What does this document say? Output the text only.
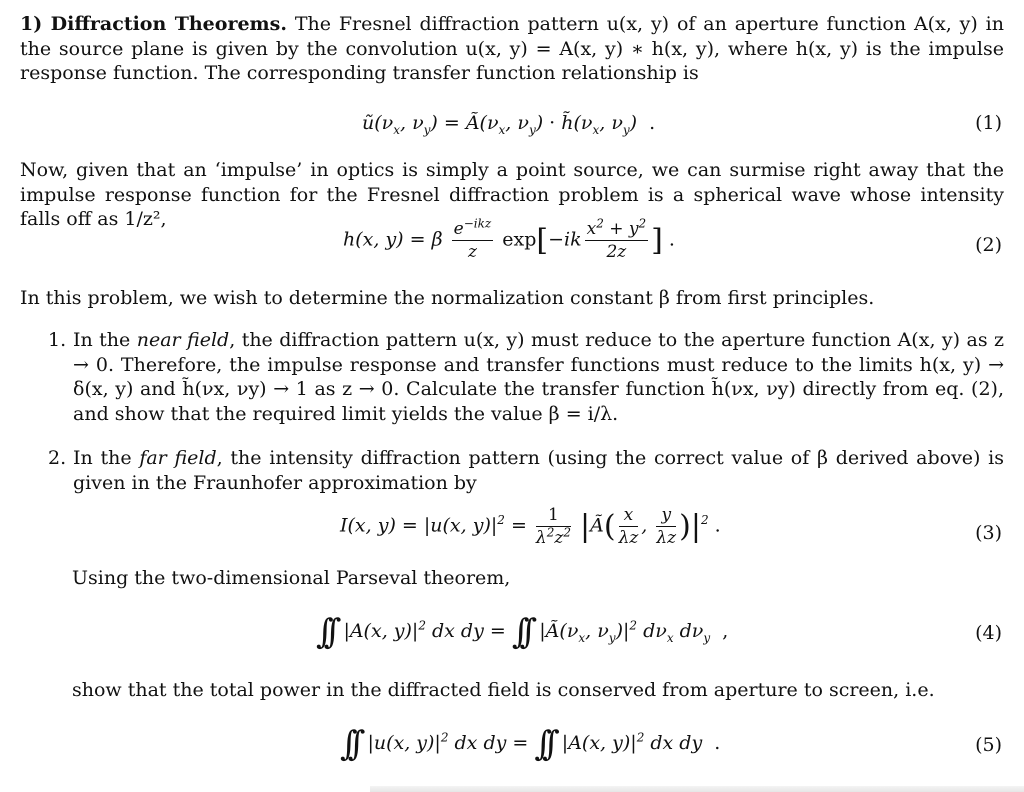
1) Diffraction Theorems. The Fresnel diffraction pattern u(x, y) of an aperture function A(x, y) in the source plane is given by the convolution u(x, y) = A(x, y) ∗ h(x, y), where h(x, y) is the impulse response function. The corresponding transfer function relationship is

$ũ(\nu_x$, $\nu_y$) = $Ã(\nu_x$, $\nu_y$) · $h̃(\nu_x$, $\nu_y$)  .	(1)

Now, given that an ‘impulse’ in optics is simply a point source, we can surmise right away that the impulse response function for the Fresnel diffraction problem is a spherical wave whose intensity falls off as 1/z²,

h(x, y) = β $\frac{e^{-ikz}}{z} \exp[-ik \frac{x^2 + y^2}{2z}$ ] .	(2)

In this problem, we wish to determine the normalization constant β from first principles.

1. In the near field, the diffraction pattern u(x, y) must reduce to the aperture function A(x, y) as z → 0. Therefore, the impulse response and transfer functions must reduce to the limits h(x, y) → δ(x, y) and h̃(νx, νy) → 1 as z → 0. Calculate the transfer function h̃(νx, νy) directly from eq. (2), and show that the required limit yields the value β = i/λ.
2. In the far field, the intensity diffraction pattern (using the correct value of β derived above) is given in the Fraunhofer approximation by
I(x, y) = |u(x, $y)|^2 = \frac{1}{\lambda^2z^2}$ |Ã( $\frac{x}{\lambda z}$ , $\frac{y}{\lambda z} )|^2$ .	(3)

Using the two-dimensional Parseval theorem,

∫∫ |A(x, $y)|^2$ dx dy = ∫∫ $|Ã(\nu_x$, $\nu_y)|^2$ $d\nu_x$ $d\nu_y$  ,	(4)

show that the total power in the diffracted field is conserved from aperture to screen, i.e.

∫∫ |u(x, $y)|^2$ dx dy = ∫∫ |A(x, $y)|^2$ dx dy  .	(5)
